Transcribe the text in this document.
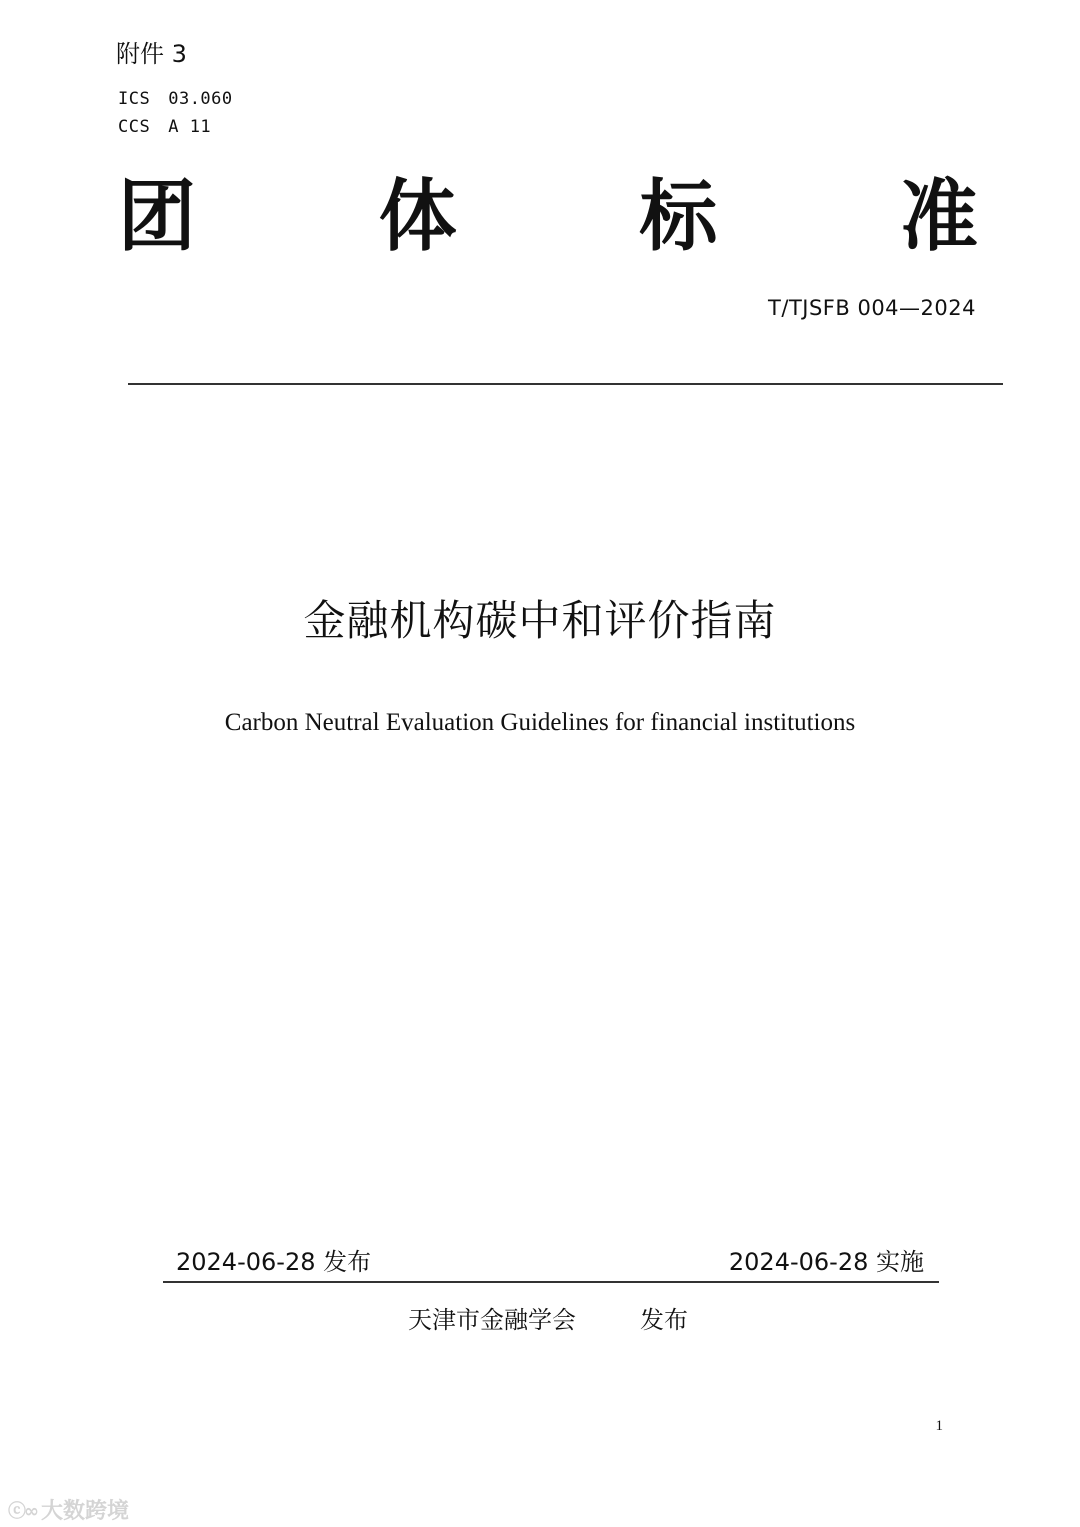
附件 3
ICS 03.060
CCS A 11
团 体 标 准
T/TJSFB 004—2024
金融机构碳中和评价指南
Carbon Neutral Evaluation Guidelines for financial institutions
2024-06-28 发布	2024-06-28 实施
天津市金融学会	发布
1
ⓒ∞ 大数跨境
